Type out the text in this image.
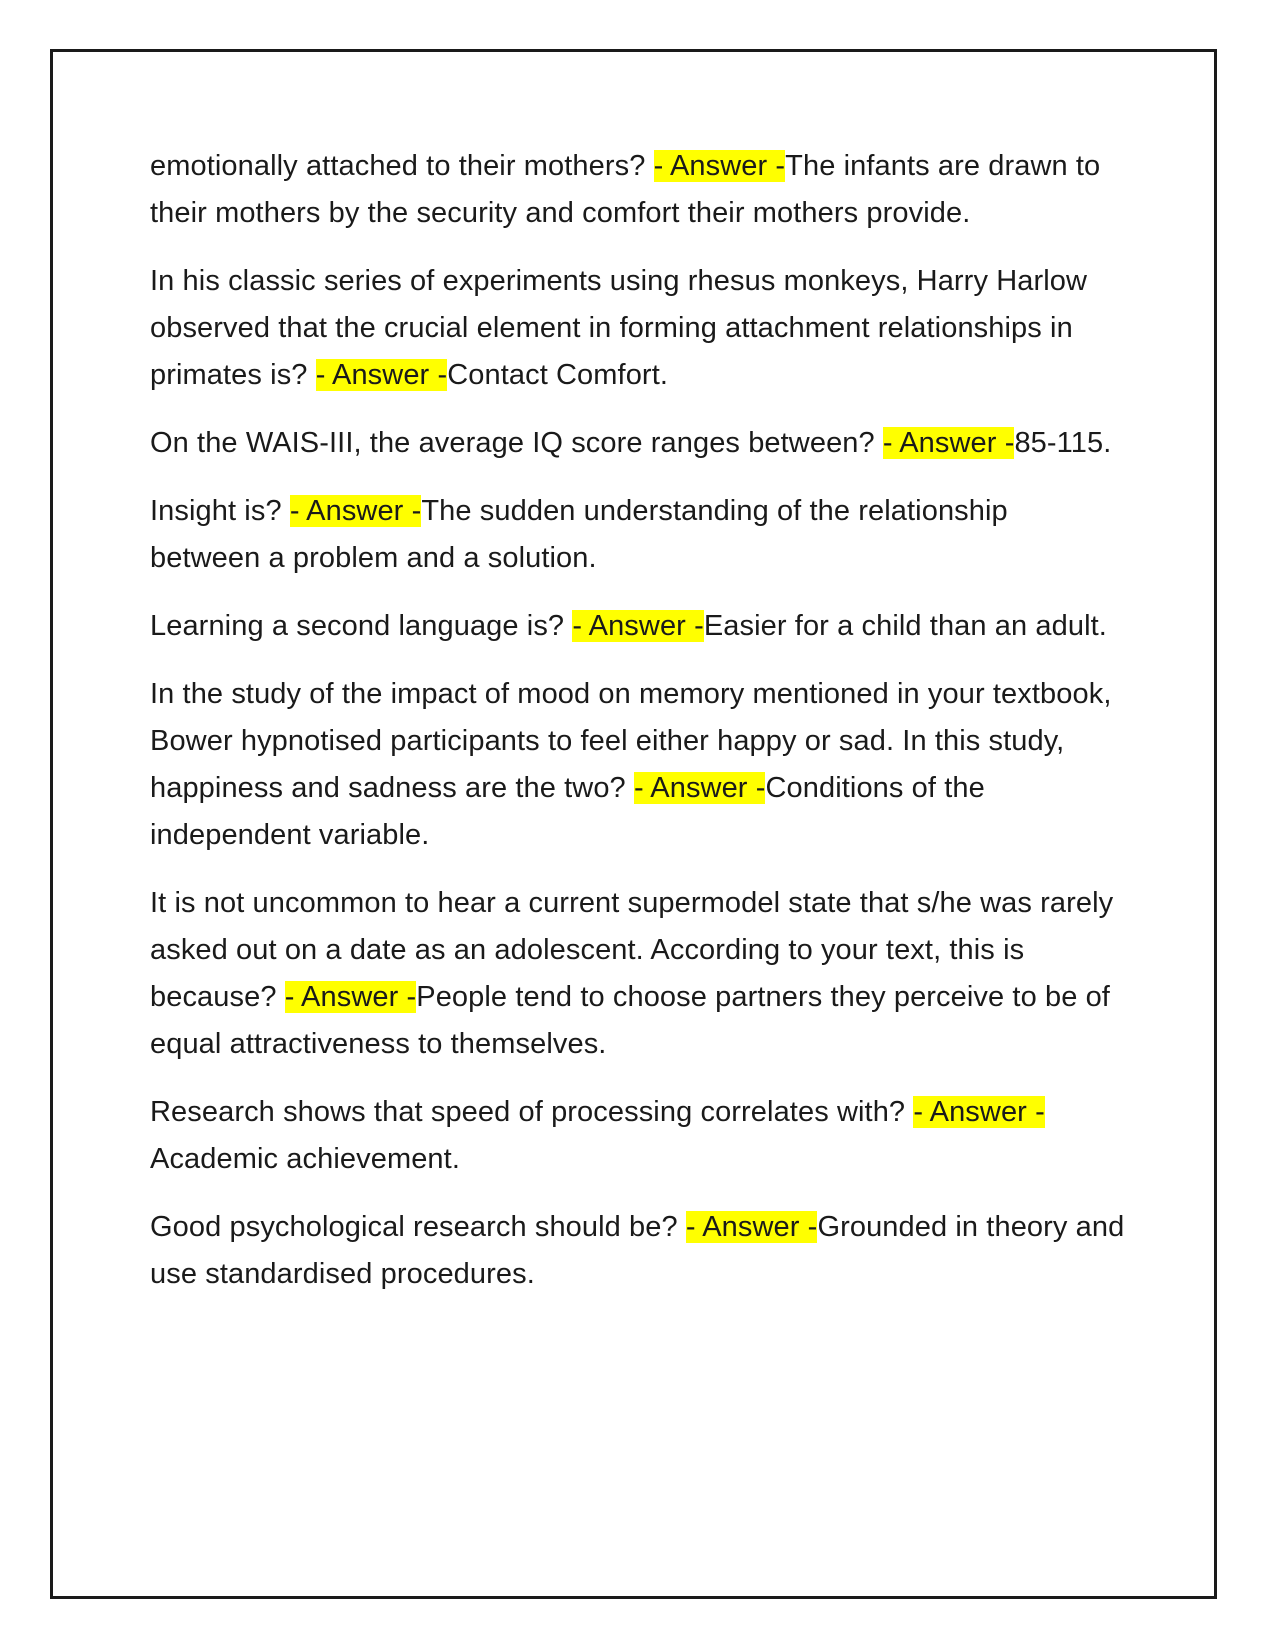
emotionally attached to their mothers? - Answer -The infants are drawn to their mothers by the security and comfort their mothers provide.

In his classic series of experiments using rhesus monkeys, Harry Harlow observed that the crucial element in forming attachment relationships in primates is? - Answer -Contact Comfort.

On the WAIS-III, the average IQ score ranges between? - Answer -85-115.

Insight is? - Answer -The sudden understanding of the relationship between a problem and a solution.

Learning a second language is? - Answer -Easier for a child than an adult.

In the study of the impact of mood on memory mentioned in your textbook, Bower hypnotised participants to feel either happy or sad. In this study, happiness and sadness are the two? - Answer -Conditions of the independent variable.

It is not uncommon to hear a current supermodel state that s/he was rarely asked out on a date as an adolescent. According to your text, this is because? - Answer -People tend to choose partners they perceive to be of equal attractiveness to themselves.

Research shows that speed of processing correlates with? - Answer -Academic achievement.

Good psychological research should be? - Answer -Grounded in theory and use standardised procedures.
